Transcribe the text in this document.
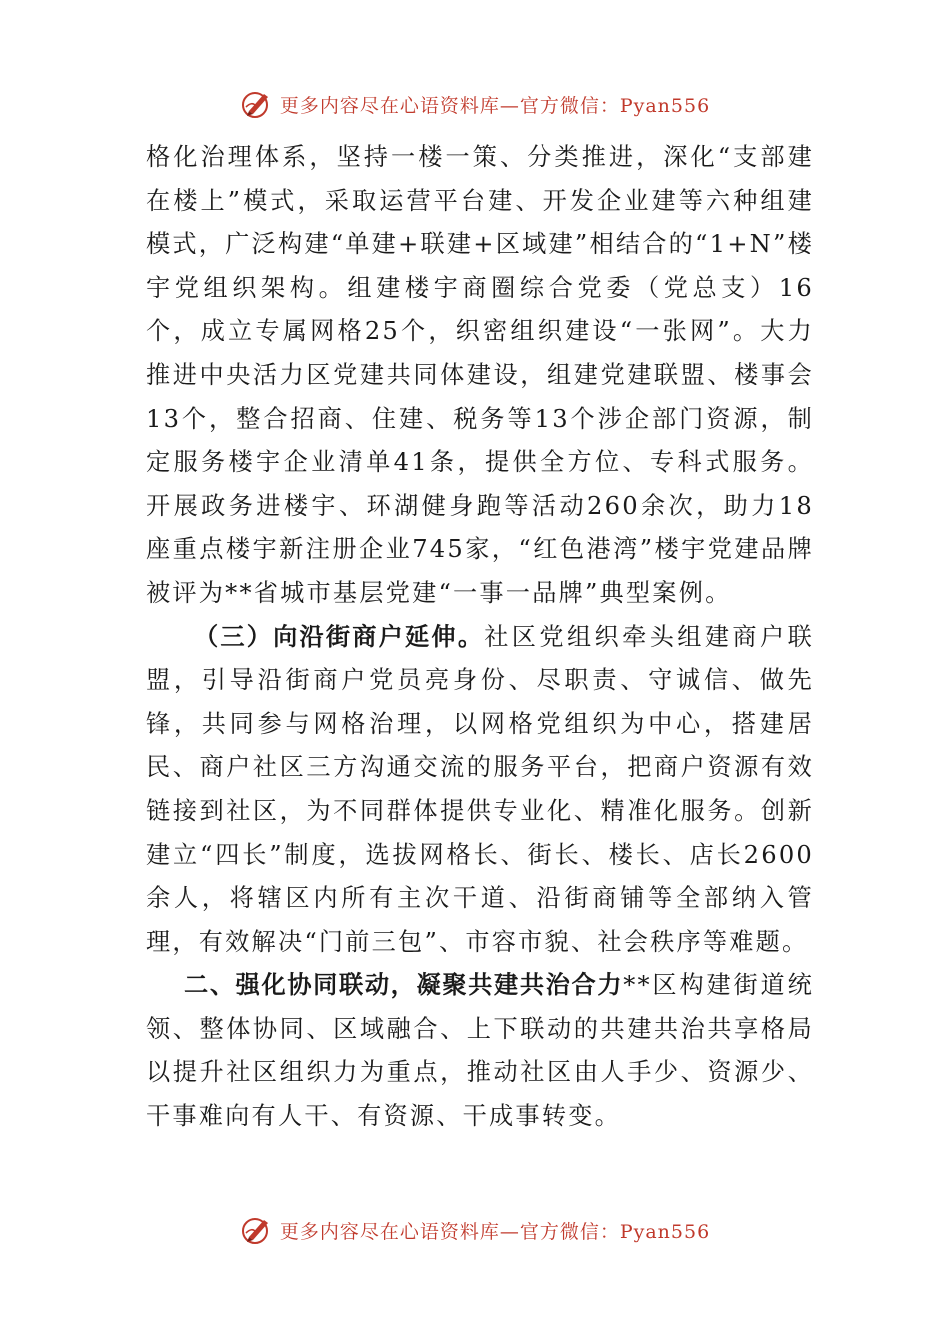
更多内容尽在心语资料库—官方微信：Pyan556

格化治理体系，坚持一楼一策、分类推进，深化“支部建在楼上”模式，采取运营平台建、开发企业建等六种组建模式，广泛构建“单建+联建+区域建”相结合的“1+N”楼宇党组织架构。组建楼宇商圈综合党委（党总支）16个，成立专属网格25个，织密组织建设“一张网”。大力推进中央活力区党建共同体建设，组建党建联盟、楼事会13个，整合招商、住建、税务等13个涉企部门资源，制定服务楼宇企业清单41条，提供全方位、专科式服务。开展政务进楼宇、环湖健身跑等活动260余次，助力18座重点楼宇新注册企业745家，“红色港湾”楼宇党建品牌被评为**省城市基层党建“一事一品牌”典型案例。

（三）向沿街商户延伸。社区党组织牵头组建商户联盟，引导沿街商户党员亮身份、尽职责、守诚信、做先锋，共同参与网格治理，以网格党组织为中心，搭建居民、商户社区三方沟通交流的服务平台，把商户资源有效链接到社区，为不同群体提供专业化、精准化服务。创新建立“四长”制度，选拔网格长、街长、楼长、店长2600余人，将辖区内所有主次干道、沿街商铺等全部纳入管理，有效解决“门前三包”、市容市貌、社会秩序等难题。

二、强化协同联动，凝聚共建共治合力**区构建街道统领、整体协同、区域融合、上下联动的共建共治共享格局以提升社区组织力为重点，推动社区由人手少、资源少、干事难向有人干、有资源、干成事转变。

更多内容尽在心语资料库—官方微信：Pyan556
